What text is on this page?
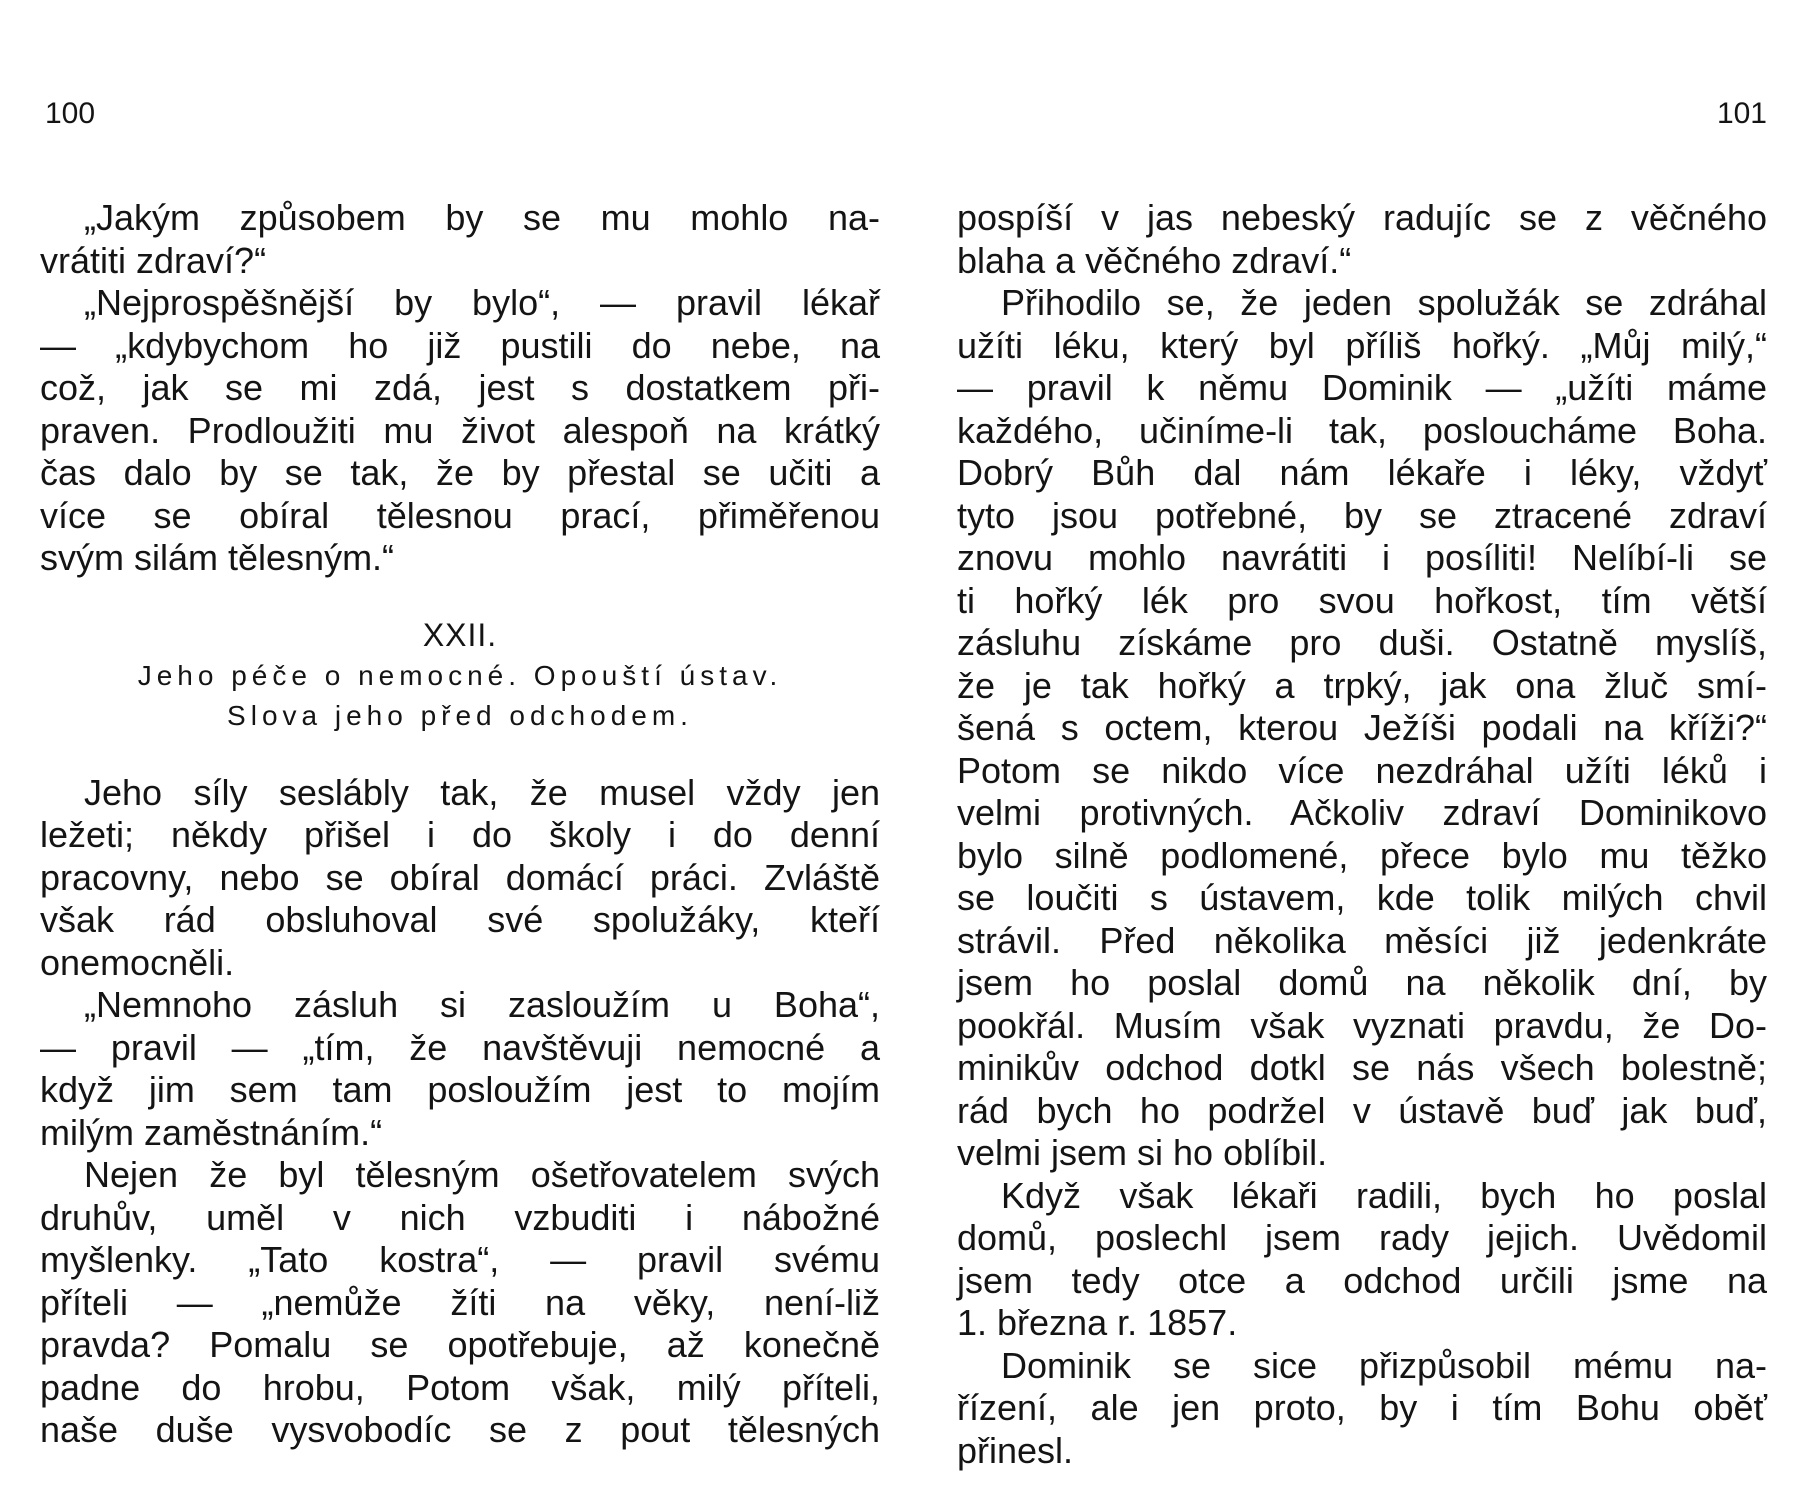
100
„Jakým způsobem by se mu mohlo na-
vrátiti zdraví?“
„Nejprospěšnější by bylo“, — pravil lékař
— „kdybychom ho již pustili do nebe, na
což, jak se mi zdá, jest s dostatkem při-
praven. Prodloužiti mu život alespoň na krátký
čas dalo by se tak, že by přestal se učiti a
více se obíral tělesnou prací, přiměřenou
svým silám tělesným.“
XXII.
Jeho péče o nemocné. Opouští ústav.
Slova jeho před odchodem.
Jeho síly seslábly tak, že musel vždy jen
ležeti; někdy přišel i do školy i do denní
pracovny, nebo se obíral domácí práci. Zvláště
však rád obsluhoval své spolužáky, kteří
onemocněli.
„Nemnoho zásluh si zasloužím u Boha“,
— pravil — „tím, že navštěvuji nemocné a
když jim sem tam posloužím jest to mojím
milým zaměstnáním.“
Nejen že byl tělesným ošetřovatelem svých
druhův, uměl v nich vzbuditi i nábožné
myšlenky. „Tato kostra“, — pravil svému
příteli — „nemůže žíti na věky, není-liž
pravda? Pomalu se opotřebuje, až konečně
padne do hrobu, Potom však, milý příteli,
naše duše vysvobodíc se z pout tělesných
101
pospíší v jas nebeský radujíc se z věčného
blaha a věčného zdraví.“
Přihodilo se, že jeden spolužák se zdráhal
užíti léku, který byl příliš hořký. „Můj milý,“
— pravil k němu Dominik — „užíti máme
každého, učiníme-li tak, posloucháme Boha.
Dobrý Bůh dal nám lékaře i léky, vždyť
tyto jsou potřebné, by se ztracené zdraví
znovu mohlo navrátiti i posíliti! Nelíbí-li se
ti hořký lék pro svou hořkost, tím větší
zásluhu získáme pro duši. Ostatně myslíš,
že je tak hořký a trpký, jak ona žluč smí-
šená s octem, kterou Ježíši podali na kříži?“
Potom se nikdo více nezdráhal užíti léků i
velmi protivných. Ačkoliv zdraví Dominikovo
bylo silně podlomené, přece bylo mu těžko
se loučiti s ústavem, kde tolik milých chvil
strávil. Před několika měsíci již jedenkráte
jsem ho poslal domů na několik dní, by
pookřál. Musím však vyznati pravdu, že Do-
minikův odchod dotkl se nás všech bolestně;
rád bych ho podržel v ústavě buď jak buď,
velmi jsem si ho oblíbil.
Když však lékaři radili, bych ho poslal
domů, poslechl jsem rady jejich. Uvědomil
jsem tedy otce a odchod určili jsme na
1. března r. 1857.
Dominik se sice přizpůsobil mému na-
řízení, ale jen proto, by i tím Bohu oběť
přinesl.
